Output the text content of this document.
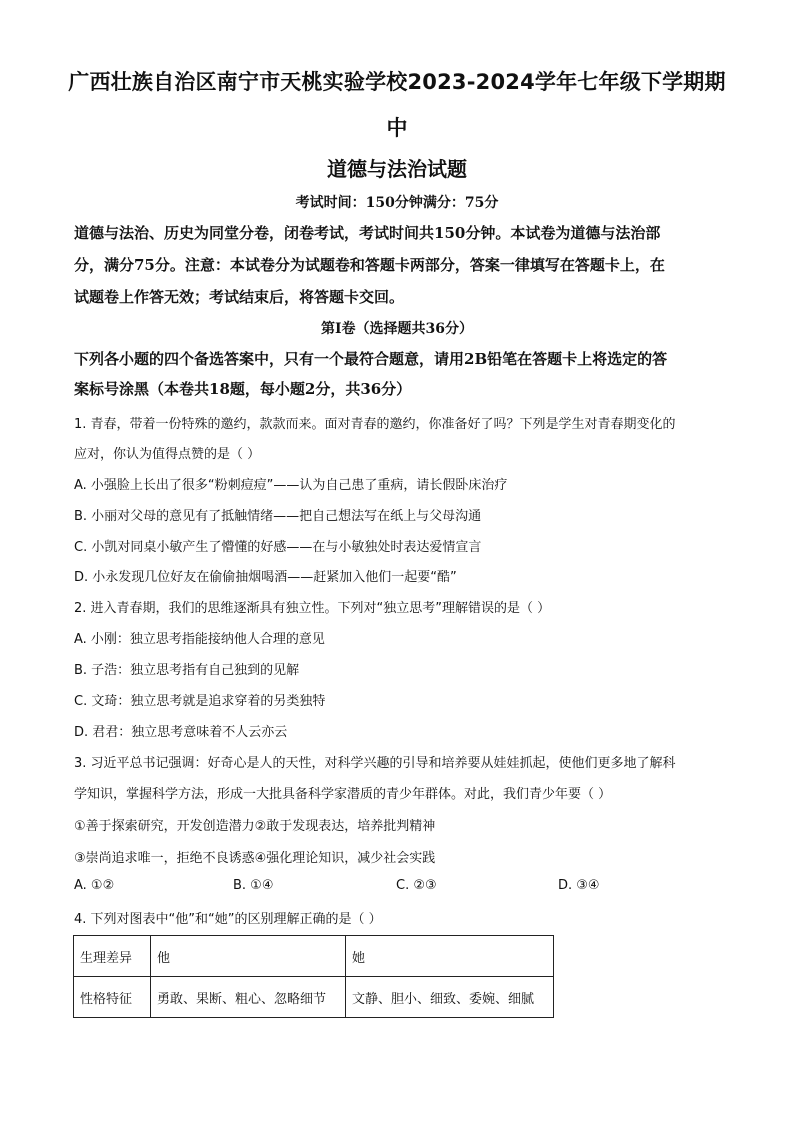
广西壮族自治区南宁市天桃实验学校2023-2024学年七年级下学期期
中
道德与法治试题
考试时间：150分钟满分：75分
道德与法治、历史为同堂分卷，闭卷考试，考试时间共150分钟。本试卷为道德与法治部
分，满分75分。注意：本试卷分为试题卷和答题卡两部分，答案一律填写在答题卡上，在
试题卷上作答无效；考试结束后，将答题卡交回。
第Ⅰ卷（选择题共36分）
下列各小题的四个备选答案中，只有一个最符合题意，请用2B铅笔在答题卡上将选定的答
案标号涂黑（本卷共18题，每小题2分，共36分）
1. 青春，带着一份特殊的邀约，款款而来。面对青春的邀约，你准备好了吗？下列是学生对青春期变化的
应对，你认为值得点赞的是（ ）
A. 小强脸上长出了很多“粉刺痘痘”——认为自己患了重病，请长假卧床治疗
B. 小丽对父母的意见有了抵触情绪——把自己想法写在纸上与父母沟通
C. 小凯对同桌小敏产生了懵懂的好感——在与小敏独处时表达爱情宣言
D. 小永发现几位好友在偷偷抽烟喝酒——赶紧加入他们一起要“酷”
2. 进入青春期，我们的思维逐渐具有独立性。下列对“独立思考”理解错误的是（ ）
A. 小刚：独立思考指能接纳他人合理的意见
B. 子浩：独立思考指有自己独到的见解
C. 文琦：独立思考就是追求穿着的另类独特
D. 君君：独立思考意味着不人云亦云
3. 习近平总书记强调：好奇心是人的天性，对科学兴趣的引导和培养要从娃娃抓起，使他们更多地了解科
学知识，掌握科学方法，形成一大批具备科学家潜质的青少年群体。对此，我们青少年要（ ）
①善于探索研究，开发创造潜力②敢于发现表达，培养批判精神
③崇尚追求唯一，拒绝不良诱惑④强化理论知识，减少社会实践
A. ①②	B. ①④	C. ②③	D. ③④
4. 下列对图表中“他”和“她”的区别理解正确的是（ ）
生理差异	他	她
性格特征	勇敢、果断、粗心、忽略细节	文静、胆小、细致、委婉、细腻
